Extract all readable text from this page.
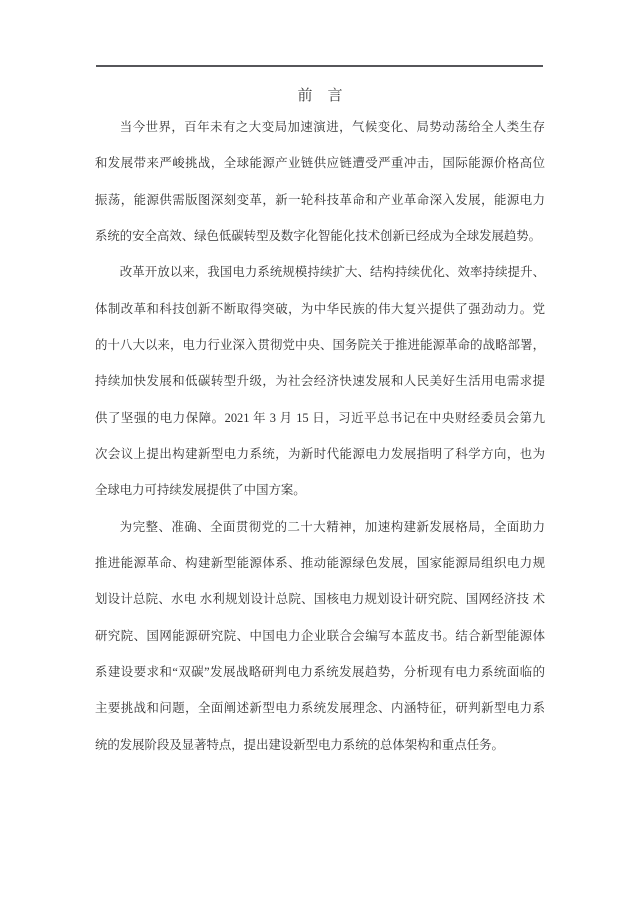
前　言
当今世界，百年未有之大变局加速演进，气候变化、局势动荡给全人类生存
和发展带来严峻挑战，全球能源产业链供应链遭受严重冲击，国际能源价格高位
振荡，能源供需版图深刻变革，新一轮科技革命和产业革命深入发展，能源电力
系统的安全高效、绿色低碳转型及数字化智能化技术创新已经成为全球发展趋势。
改革开放以来，我国电力系统规模持续扩大、结构持续优化、效率持续提升、
体制改革和科技创新不断取得突破，为中华民族的伟大复兴提供了强劲动力。党
的十八大以来，电力行业深入贯彻党中央、国务院关于推进能源革命的战略部署，
持续加快发展和低碳转型升级，为社会经济快速发展和人民美好生活用电需求提
供了坚强的电力保障。2021 年 3 月 15 日，习近平总书记在中央财经委员会第九
次会议上提出构建新型电力系统，为新时代能源电力发展指明了科学方向，也为
全球电力可持续发展提供了中国方案。
为完整、准确、全面贯彻党的二十大精神，加速构建新发展格局，全面助力
推进能源革命、构建新型能源体系、推动能源绿色发展，国家能源局组织电力规
划设计总院、水电 水利规划设计总院、国核电力规划设计研究院、国网经济技 术
研究院、国网能源研究院、中国电力企业联合会编写本蓝皮书。结合新型能源体
系建设要求和“双碳”发展战略研判电力系统发展趋势，分析现有电力系统面临的
主要挑战和问题，全面阐述新型电力系统发展理念、内涵特征，研判新型电力系
统的发展阶段及显著特点，提出建设新型电力系统的总体架构和重点任务。
